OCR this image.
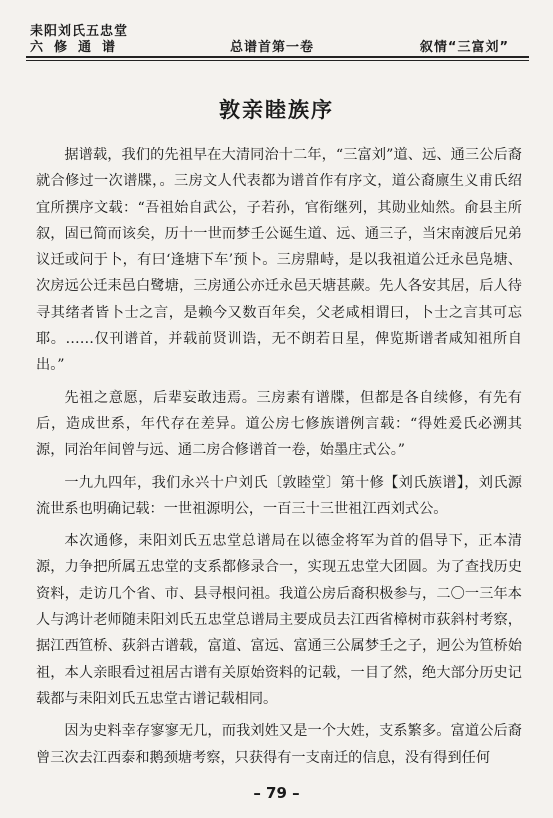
耒阳刘氏五忠堂
六修通谱	总谱首第一卷	叙情“三富刘”
敦亲睦族序

据谱载，我们的先祖早在大清同治十二年，“三富刘”道、远、通三公后裔就合修过一次谱牒，。三房文人代表都为谱首作有序文，道公裔廪生义甫氏绍宜所撰序文载：“吾祖始自武公，子若孙，官衔继列，其勋业灿然。俞县主所叙，固已简而该矣，历十一世而梦壬公诞生道、远、通三子，当宋南渡后兄弟议迁或问于卜，有曰‘逢塘下车’预卜。三房鼎峙，是以我祖道公迁永邑凫塘、次房远公迁耒邑白鹭塘，三房通公亦迁永邑天塘甚蕨。先人各安其居，后人待寻其绪者皆卜士之言，是赖今又数百年矣，父老咸相谓曰，卜士之言其可忘耶。……仅刊谱首，并载前贤训诰，无不朗若日星，俾览斯谱者咸知祖所自出。”

先祖之意愿，后辈妄敢违焉。三房素有谱牒，但都是各自续修，有先有后，造成世系，年代存在差异。道公房七修族谱例言载：“得姓爰氏必溯其源，同治年间曾与远、通二房合修谱首一卷，始墨庄式公。”

一九九四年，我们永兴十户刘氏〔敦睦堂〕第十修【刘氏族谱】，刘氏源流世系也明确记载：一世祖源明公，一百三十三世祖江西刘式公。

本次通修，耒阳刘氏五忠堂总谱局在以德金将军为首的倡导下，正本清源，力争把所属五忠堂的支系都修录合一，实现五忠堂大团圆。为了查找历史资料，走访几个省、市、县寻根问祖。我道公房后裔积极参与，二〇一三年本人与鸿计老师随耒阳刘氏五忠堂总谱局主要成员去江西省樟树市荻斜村考察，据江西笪桥、荻斜古谱载，富道、富远、富通三公属梦壬之子，迥公为笪桥始祖，本人亲眼看过祖居古谱有关原始资料的记载，一目了然，绝大部分历史记载都与耒阳刘氏五忠堂古谱记载相同。

因为史料幸存寥寥无几，而我刘姓又是一个大姓，支系繁多。富道公后裔曾三次去江西泰和鹅颈塘考察，只获得有一支南迁的信息，没有得到任何

– 79 –
